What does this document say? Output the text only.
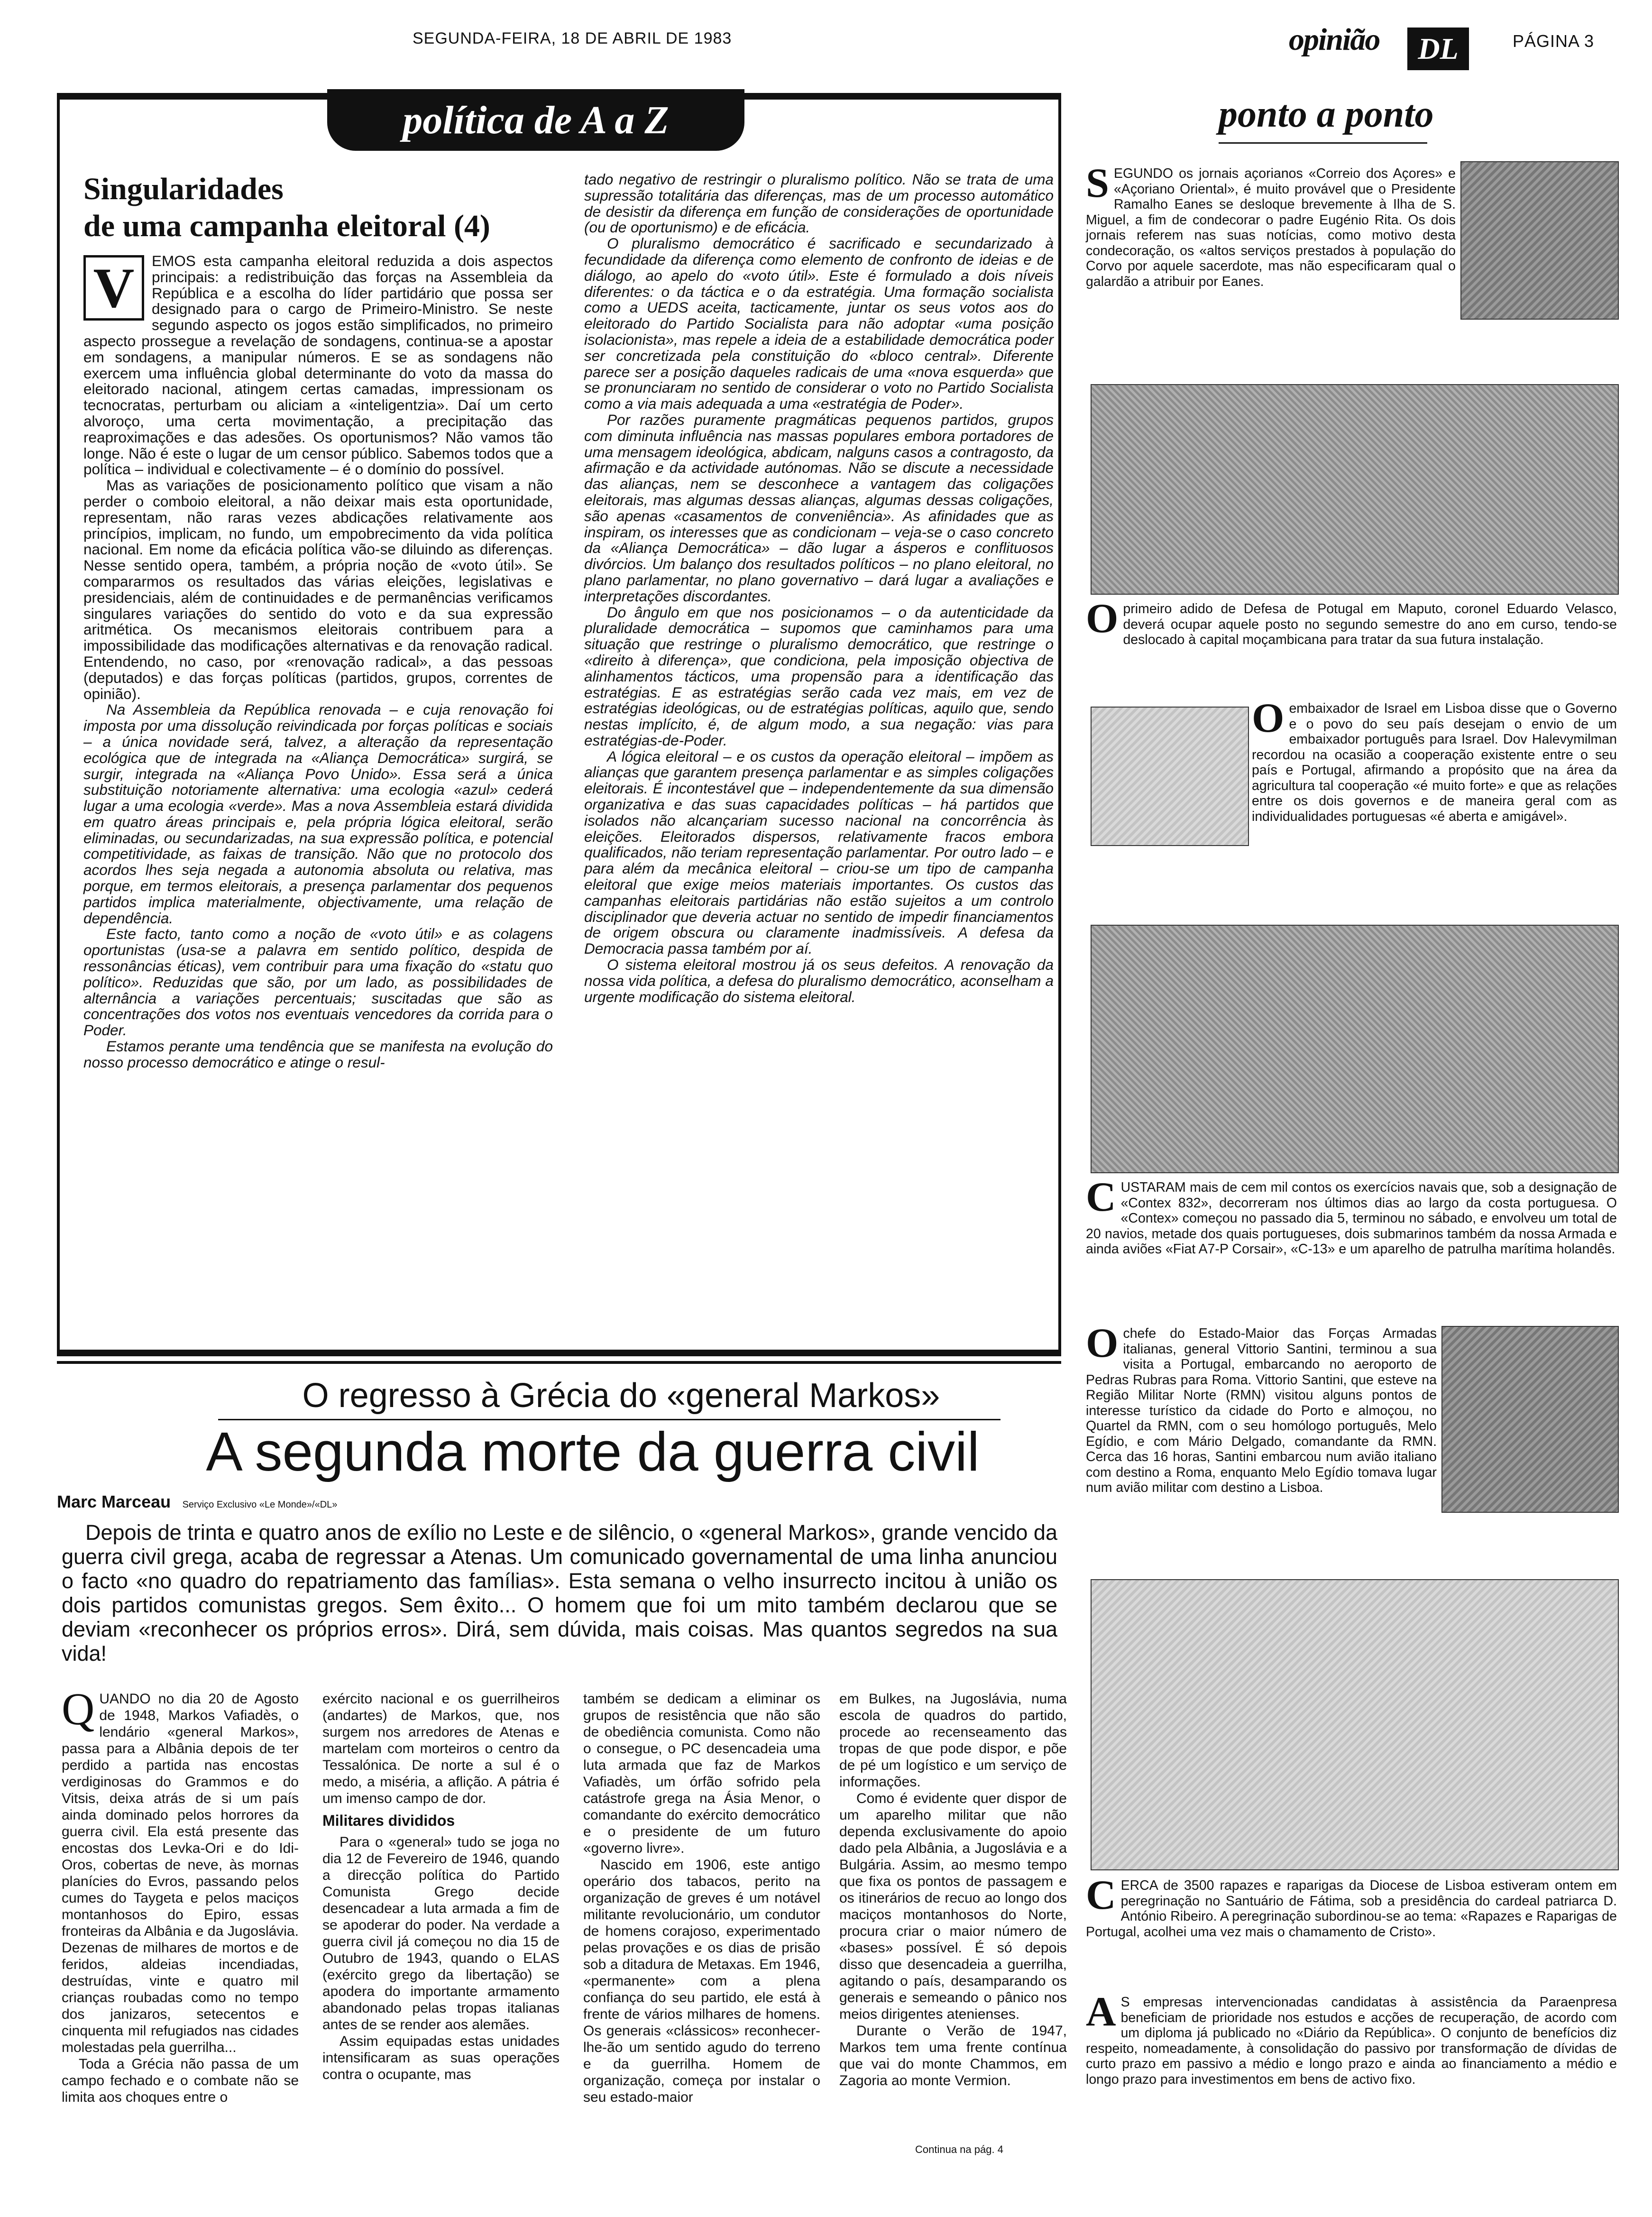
SEGUNDA-FEIRA, 18 DE ABRIL DE 1983	opinião DL	PÁGINA 3
política de A a Z
Singularidades
de uma campanha eleitoral (4)
V	EMOS esta campanha eleitoral reduzida a dois aspectos principais: a redistribuição das forças na Assembleia da República e a escolha do líder partidário que possa ser designado para o cargo de Primeiro-Ministro. Se neste segundo aspecto os jogos estão simplificados, no primeiro aspecto prossegue a revelação de sondagens, continua-se a apostar em sondagens, a manipular números. E se as sondagens não exercem uma influência global determinante do voto da massa do eleitorado nacional, atingem certas camadas, impressionam os tecnocratas, perturbam ou aliciam a «inteligentzia». Daí um certo alvoroço, uma certa movimentação, a precipitação das reaproximações e das adesões. Os oportunismos? Não vamos tão longe. Não é este o lugar de um censor público. Sabemos todos que a política – individual e colectivamente – é o domínio do possível.

Mas as variações de posicionamento político que visam a não perder o comboio eleitoral, a não deixar mais esta oportunidade, representam, não raras vezes abdicações relativamente aos princípios, implicam, no fundo, um empobrecimento da vida política nacional. Em nome da eficácia política vão-se diluindo as diferenças. Nesse sentido opera, também, a própria noção de «voto útil». Se compararmos os resultados das várias eleições, legislativas e presidenciais, além de continuidades e de permanências verificamos singulares variações do sentido do voto e da sua expressão aritmética. Os mecanismos eleitorais contribuem para a impossibilidade das modificações alternativas e da renovação radical. Entendendo, no caso, por «renovação radical», a das pessoas (deputados) e das forças políticas (partidos, grupos, correntes de opinião).

Na Assembleia da República renovada – e cuja renovação foi imposta por uma dissolução reivindicada por forças políticas e sociais – a única novidade será, talvez, a alteração da representação ecológica que de integrada na «Aliança Democrática» surgirá, se surgir, integrada na «Aliança Povo Unido». Essa será a única substituição notoriamente alternativa: uma ecologia «azul» cederá lugar a uma ecologia «verde». Mas a nova Assembleia estará dividida em quatro áreas principais e, pela própria lógica eleitoral, serão eliminadas, ou secundarizadas, na sua expressão política, e potencial competitividade, as faixas de transição. Não que no protocolo dos acordos lhes seja negada a autonomia absoluta ou relativa, mas porque, em termos eleitorais, a presença parlamentar dos pequenos partidos implica materialmente, objectivamente, uma relação de dependência.

Este facto, tanto como a noção de «voto útil» e as colagens oportunistas (usa-se a palavra em sentido político, despida de ressonâncias éticas), vem contribuir para uma fixação do «statu quo político». Reduzidas que são, por um lado, as possibilidades de alternância a variações percentuais; suscitadas que são as concentrações dos votos nos eventuais vencedores da corrida para o Poder.

Estamos perante uma tendência que se manifesta na evolução do nosso processo democrático e atinge o resul-

tado negativo de restringir o pluralismo político. Não se trata de uma supressão totalitária das diferenças, mas de um processo automático de desistir da diferença em função de considerações de oportunidade (ou de oportunismo) e de eficácia.

O pluralismo democrático é sacrificado e secundarizado à fecundidade da diferença como elemento de confronto de ideias e de diálogo, ao apelo do «voto útil». Este é formulado a dois níveis diferentes: o da táctica e o da estratégia. Uma formação socialista como a UEDS aceita, tacticamente, juntar os seus votos aos do eleitorado do Partido Socialista para não adoptar «uma posição isolacionista», mas repele a ideia de a estabilidade democrática poder ser concretizada pela constituição do «bloco central». Diferente parece ser a posição daqueles radicais de uma «nova esquerda» que se pronunciaram no sentido de considerar o voto no Partido Socialista como a via mais adequada a uma «estratégia de Poder».

Por razões puramente pragmáticas pequenos partidos, grupos com diminuta influência nas massas populares embora portadores de uma mensagem ideológica, abdicam, nalguns casos a contragosto, da afirmação e da actividade autónomas. Não se discute a necessidade das alianças, nem se desconhece a vantagem das coligações eleitorais, mas algumas dessas alianças, algumas dessas coligações, são apenas «casamentos de conveniência». As afinidades que as inspiram, os interesses que as condicionam – veja-se o caso concreto da «Aliança Democrática» – dão lugar a ásperos e conflituosos divórcios. Um balanço dos resultados políticos – no plano eleitoral, no plano parlamentar, no plano governativo – dará lugar a avaliações e interpretações discordantes.

Do ângulo em que nos posicionamos – o da autenticidade da pluralidade democrática – supomos que caminhamos para uma situação que restringe o pluralismo democrático, que restringe o «direito à diferença», que condiciona, pela imposição objectiva de alinhamentos tácticos, uma propensão para a identificação das estratégias. E as estratégias serão cada vez mais, em vez de estratégias ideológicas, ou de estratégias políticas, aquilo que, sendo nestas implícito, é, de algum modo, a sua negação: vias para estratégias-de-Poder.

A lógica eleitoral – e os custos da operação eleitoral – impõem as alianças que garantem presença parlamentar e as simples coligações eleitorais. É incontestável que – independentemente da sua dimensão organizativa e das suas capacidades políticas – há partidos que isolados não alcançariam sucesso nacional na concorrência às eleições. Eleitorados dispersos, relativamente fracos embora qualificados, não teriam representação parlamentar. Por outro lado – e para além da mecânica eleitoral – criou-se um tipo de campanha eleitoral que exige meios materiais importantes. Os custos das campanhas eleitorais partidárias não estão sujeitos a um controlo disciplinador que deveria actuar no sentido de impedir financiamentos de origem obscura ou claramente inadmissíveis. A defesa da Democracia passa também por aí.

O sistema eleitoral mostrou já os seus defeitos. A renovação da nossa vida política, a defesa do pluralismo democrático, aconselham a urgente modificação do sistema eleitoral.

ponto a ponto
S EGUNDO os jornais açorianos «Correio dos Açores» e «Açoriano Oriental», é muito provável que o Presidente Ramalho Eanes se desloque brevemente à Ilha de S. Miguel, a fim de condecorar o padre Eugénio Rita. Os dois jornais referem nas suas notícias, como motivo desta condecoração, os «altos serviços prestados à população do Corvo por aquele sacerdote, mas não especificaram qual o galardão a atribuir por Eanes.
O primeiro adido de Defesa de Potugal em Maputo, coronel Eduardo Velasco, deverá ocupar aquele posto no segundo semestre do ano em curso, tendo-se deslocado à capital moçambicana para tratar da sua futura instalação.
O embaixador de Israel em Lisboa disse que o Governo e o povo do seu país desejam o envio de um embaixador português para Israel. Dov Halevymilman recordou na ocasião a cooperação existente entre o seu país e Portugal, afirmando a propósito que na área da agricultura tal cooperação «é muito forte» e que as relações entre os dois governos e de maneira geral com as individualidades portuguesas «é aberta e amigável».
C USTARAM mais de cem mil contos os exercícios navais que, sob a designação de «Contex 832», decorreram nos últimos dias ao largo da costa portuguesa. O «Contex» começou no passado dia 5, terminou no sábado, e envolveu um total de 20 navios, metade dos quais portugueses, dois submarinos também da nossa Armada e ainda aviões «Fiat A7-P Corsair», «C-13» e um aparelho de patrulha marítima holandês.
O chefe do Estado-Maior das Forças Armadas italianas, general Vittorio Santini, terminou a sua visita a Portugal, embarcando no aeroporto de Pedras Rubras para Roma. Vittorio Santini, que esteve na Região Militar Norte (RMN) visitou alguns pontos de interesse turístico da cidade do Porto e almoçou, no Quartel da RMN, com o seu homólogo português, Melo Egídio, e com Mário Delgado, comandante da RMN. Cerca das 16 horas, Santini embarcou num avião italiano com destino a Roma, enquanto Melo Egídio tomava lugar num avião militar com destino a Lisboa.
C ERCA de 3500 rapazes e raparigas da Diocese de Lisboa estiveram ontem em peregrinação no Santuário de Fátima, sob a presidência do cardeal patriarca D. António Ribeiro. A peregrinação subordinou-se ao tema: «Rapazes e Raparigas de Portugal, acolhei uma vez mais o chamamento de Cristo».
A S empresas intervencionadas candidatas à assistência da Paraenpresa beneficiam de prioridade nos estudos e acções de recuperação, de acordo com um diploma já publicado no «Diário da República». O conjunto de benefícios diz respeito, nomeadamente, à consolidação do passivo por transformação de dívidas de curto prazo em passivo a médio e longo prazo e ainda ao financiamento a médio e longo prazo para investimentos em bens de activo fixo.
O regresso à Grécia do «general Markos»
A segunda morte da guerra civil
Marc Marceau Serviço Exclusivo «Le Monde»/«DL»
Depois de trinta e quatro anos de exílio no Leste e de silêncio, o «general Markos», grande vencido da guerra civil grega, acaba de regressar a Atenas. Um comunicado governamental de uma linha anunciou o facto «no quadro do repatriamento das famílias». Esta semana o velho insurrecto incitou à união os dois partidos comunistas gregos. Sem êxito... O homem que foi um mito também declarou que se deviam «reconhecer os próprios erros». Dirá, sem dúvida, mais coisas. Mas quantos segredos na sua vida!

Q UANDO no dia 20 de Agosto de 1948, Markos Vafiadès, o lendário «general Markos», passa para a Albânia depois de ter perdido a partida nas encostas verdiginosas do Grammos e do Vitsis, deixa atrás de si um país ainda dominado pelos horrores da guerra civil. Ela está presente das encostas dos Levka-Ori e do Idi-Oros, cobertas de neve, às mornas planícies do Evros, passando pelos cumes do Taygeta e pelos maciços montanhosos do Epiro, essas fronteiras da Albânia e da Jugoslávia. Dezenas de milhares de mortos e de feridos, aldeias incendiadas, destruídas, vinte e quatro mil crianças roubadas como no tempo dos janizaros, setecentos e cinquenta mil refugiados nas cidades molestadas pela guerrilha...

Toda a Grécia não passa de um campo fechado e o combate não se limita aos choques entre o

exército nacional e os guerrilheiros (andartes) de Markos, que, nos surgem nos arredores de Atenas e martelam com morteiros o centro da Tessalónica. De norte a sul é o medo, a miséria, a aflição. A pátria é um imenso campo de dor.

Militares divididos

Para o «general» tudo se joga no dia 12 de Fevereiro de 1946, quando a direcção política do Partido Comunista Grego decide desencadear a luta armada a fim de se apoderar do poder. Na verdade a guerra civil já começou no dia 15 de Outubro de 1943, quando o ELAS (exército grego da libertação) se apodera do importante armamento abandonado pelas tropas italianas antes de se render aos alemães.

Assim equipadas estas unidades intensificaram as suas operações contra o ocupante, mas

também se dedicam a eliminar os grupos de resistência que não são de obediência comunista. Como não o consegue, o PC desencadeia uma luta armada que faz de Markos Vafiadès, um órfão sofrido pela catástrofe grega na Ásia Menor, o comandante do exército democrático e o presidente de um futuro «governo livre».

Nascido em 1906, este antigo operário dos tabacos, perito na organização de greves é um notável militante revolucionário, um condutor de homens corajoso, experimentado pelas provações e os dias de prisão sob a ditadura de Metaxas. Em 1946, «permanente» com a plena confiança do seu partido, ele está à frente de vários milhares de homens. Os generais «clássicos» reconhecer-lhe-ão um sentido agudo do terreno e da guerrilha. Homem de organização, começa por instalar o seu estado-maior

em Bulkes, na Jugoslávia, numa escola de quadros do partido, procede ao recenseamento das tropas de que pode dispor, e põe de pé um logístico e um serviço de informações.

Como é evidente quer dispor de um aparelho militar que não dependa exclusivamente do apoio dado pela Albânia, a Jugoslávia e a Bulgária. Assim, ao mesmo tempo que fixa os pontos de passagem e os itinerários de recuo ao longo dos maciços montanhosos do Norte, procura criar o maior número de «bases» possível. É só depois disso que desencadeia a guerrilha, agitando o país, desamparando os generais e semeando o pânico nos meios dirigentes atenienses.

Durante o Verão de 1947, Markos tem uma frente contínua que vai do monte Chammos, em Zagoria ao monte Vermion.

Continua na pág. 4
